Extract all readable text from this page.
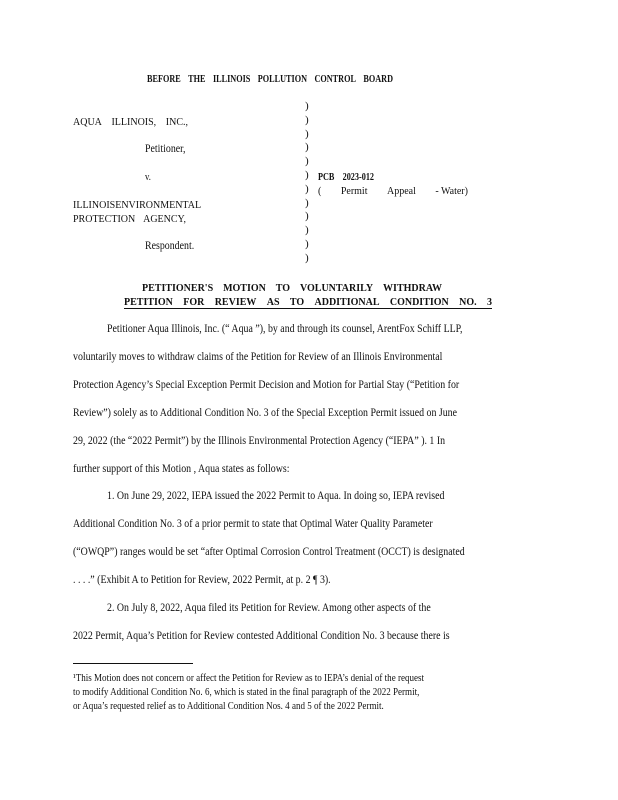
BEFORE THE ILLINOIS POLLUTION CONTROL BOARD
)
)
)
)
)
)
)
)
)
)
)
)
AQUA ILLINOIS, INC.,
Petitioner,
v.	PCB 2023-012
( Permit Appeal - Water)
ILLINOIS ENVIRONMENTAL
PROTECTION AGENCY,
Respondent.
PETITIONER'S MOTION TO VOLUNTARILY WITHDRAW
PETITION FOR REVIEW AS TO ADDITIONAL CONDITION NO. 3
Petitioner Aqua Illinois, Inc. (“ Aqua ”), by and through its counsel, ArentFox Schiff LLP,
voluntarily moves to withdraw claims of the Petition for Review of an Illinois Environmental
Protection Agency’s Special Exception Permit Decision and Motion for Partial Stay (“Petition for
Review”) solely as to Additional Condition No. 3 of the Special Exception Permit issued on June
29, 2022 (the “2022 Permit”) by the Illinois Environmental Protection Agency (“IEPA” ). 1 In
further support of this Motion , Aqua states as follows:
1. On June 29, 2022, IEPA issued the 2022 Permit to Aqua. In doing so, IEPA revised
Additional Condition No. 3 of a prior permit to state that Optimal Water Quality Parameter
(“OWQP”) ranges would be set “after Optimal Corrosion Control Treatment (OCCT) is designated
. . . .” (Exhibit A to Petition for Review, 2022 Permit, at p. 2 ¶ 3).
2. On July 8, 2022, Aqua filed its Petition for Review. Among other aspects of the
2022 Permit, Aqua’s Petition for Review contested Additional Condition No. 3 because there is
¹This Motion does not concern or affect the Petition for Review as to IEPA’s denial of the request
to modify Additional Condition No. 6, which is stated in the final paragraph of the 2022 Permit,
or Aqua’s requested relief as to Additional Condition Nos. 4 and 5 of the 2022 Permit.
